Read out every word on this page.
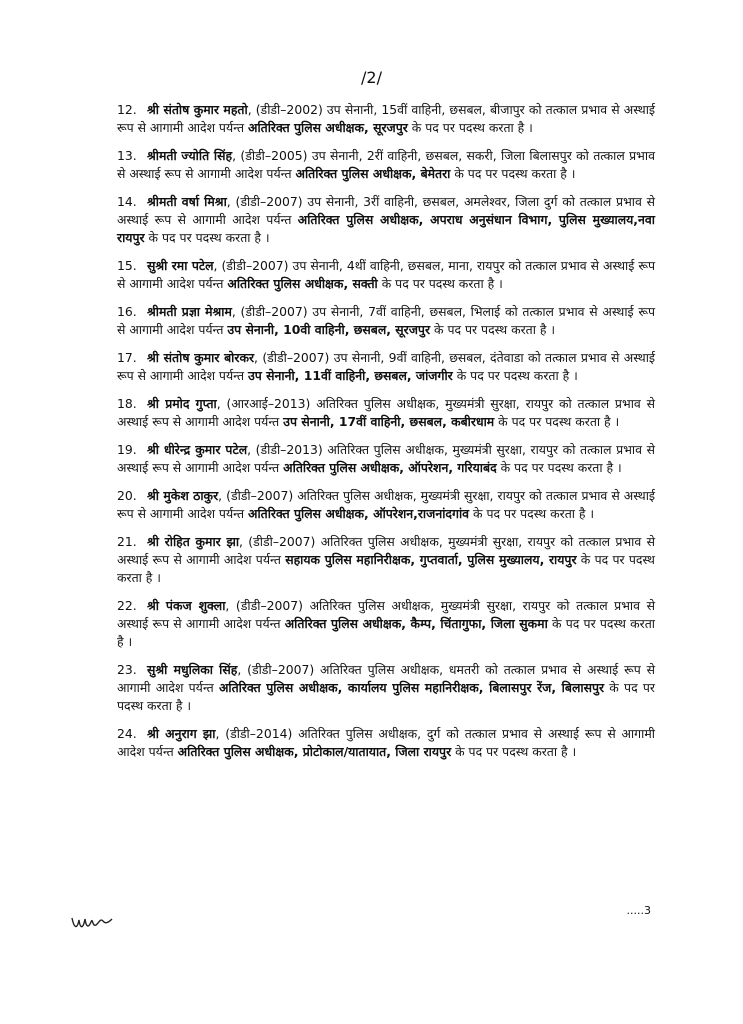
/2/

12. श्री संतोष कुमार महतो, (डीडी–2002) उप सेनानी, 15वीं वाहिनी, छसबल, बीजापुर को तत्काल प्रभाव से अस्थाई रूप से आगामी आदेश पर्यन्त अतिरिक्त पुलिस अधीक्षक, सूरजपुर के पद पर पदस्थ करता है ।

13. श्रीमती ज्योति सिंह, (डीडी–2005) उप सेनानी, 2रीं वाहिनी, छसबल, सकरी, जिला बिलासपुर को तत्काल प्रभाव से अस्थाई रूप से आगामी आदेश पर्यन्त अतिरिक्त पुलिस अधीक्षक, बेमेतरा के पद पर पदस्थ करता है ।

14. श्रीमती वर्षा मिश्रा, (डीडी–2007) उप सेनानी, 3रीं वाहिनी, छसबल, अमलेश्वर, जिला दुर्ग को तत्काल प्रभाव से अस्थाई रूप से आगामी आदेश पर्यन्त अतिरिक्त पुलिस अधीक्षक, अपराध अनुसंधान विभाग, पुलिस मुख्यालय,नवा रायपुर के पद पर पदस्थ करता है ।

15. सुश्री रमा पटेल, (डीडी–2007) उप सेनानी, 4थीं वाहिनी, छसबल, माना, रायपुर को तत्काल प्रभाव से अस्थाई रूप से आगामी आदेश पर्यन्त अतिरिक्त पुलिस अधीक्षक, सक्ती के पद पर पदस्थ करता है ।

16. श्रीमती प्रज्ञा मेश्राम, (डीडी–2007) उप सेनानी, 7वीं वाहिनी, छसबल, भिलाई को तत्काल प्रभाव से अस्थाई रूप से आगामी आदेश पर्यन्त उप सेनानी, 10वी वाहिनी, छसबल, सूरजपुर के पद पर पदस्थ करता है ।

17. श्री संतोष कुमार बोरकर, (डीडी–2007) उप सेनानी, 9वीं वाहिनी, छसबल, दंतेवाडा को तत्काल प्रभाव से अस्थाई रूप से आगामी आदेश पर्यन्त उप सेनानी, 11वीं वाहिनी, छसबल, जांजगीर के पद पर पदस्थ करता है ।

18. श्री प्रमोद गुप्ता, (आरआई–2013) अतिरिक्त पुलिस अधीक्षक, मुख्यमंत्री सुरक्षा, रायपुर को तत्काल प्रभाव से अस्थाई रूप से आगामी आदेश पर्यन्त उप सेनानी, 17वीं वाहिनी, छसबल, कबीरधाम के पद पर पदस्थ करता है ।

19. श्री धीरेन्द्र कुमार पटेल, (डीडी–2013) अतिरिक्त पुलिस अधीक्षक, मुख्यमंत्री सुरक्षा, रायपुर को तत्काल प्रभाव से अस्थाई रूप से आगामी आदेश पर्यन्त अतिरिक्त पुलिस अधीक्षक, ऑपरेशन, गरियाबंद के पद पर पदस्थ करता है ।

20. श्री मुकेश ठाकुर, (डीडी–2007) अतिरिक्त पुलिस अधीक्षक, मुख्यमंत्री सुरक्षा, रायपुर को तत्काल प्रभाव से अस्थाई रूप से आगामी आदेश पर्यन्त अतिरिक्त पुलिस अधीक्षक, ऑपरेशन,राजनांदगांव के पद पर पदस्थ करता है ।

21. श्री रोहित कुमार झा, (डीडी–2007) अतिरिक्त पुलिस अधीक्षक, मुख्यमंत्री सुरक्षा, रायपुर को तत्काल प्रभाव से अस्थाई रूप से आगामी आदेश पर्यन्त सहायक पुलिस महानिरीक्षक, गुप्तवार्ता, पुलिस मुख्यालय, रायपुर के पद पर पदस्थ करता है ।

22. श्री पंकज शुक्ला, (डीडी–2007) अतिरिक्त पुलिस अधीक्षक, मुख्यमंत्री सुरक्षा, रायपुर को तत्काल प्रभाव से अस्थाई रूप से आगामी आदेश पर्यन्त अतिरिक्त पुलिस अधीक्षक, कैम्प, चिंतागुफा, जिला सुकमा के पद पर पदस्थ करता है ।

23. सुश्री मधुलिका सिंह, (डीडी–2007) अतिरिक्त पुलिस अधीक्षक, धमतरी को तत्काल प्रभाव से अस्थाई रूप से आगामी आदेश पर्यन्त अतिरिक्त पुलिस अधीक्षक, कार्यालय पुलिस महानिरीक्षक, बिलासपुर रेंज, बिलासपुर के पद पर पदस्थ करता है ।

24. श्री अनुराग झा, (डीडी–2014) अतिरिक्त पुलिस अधीक्षक, दुर्ग को तत्काल प्रभाव से अस्थाई रूप से आगामी आदेश पर्यन्त अतिरिक्त पुलिस अधीक्षक, प्रोटोकाल/यातायात, जिला रायपुर के पद पर पदस्थ करता है ।

.....3
